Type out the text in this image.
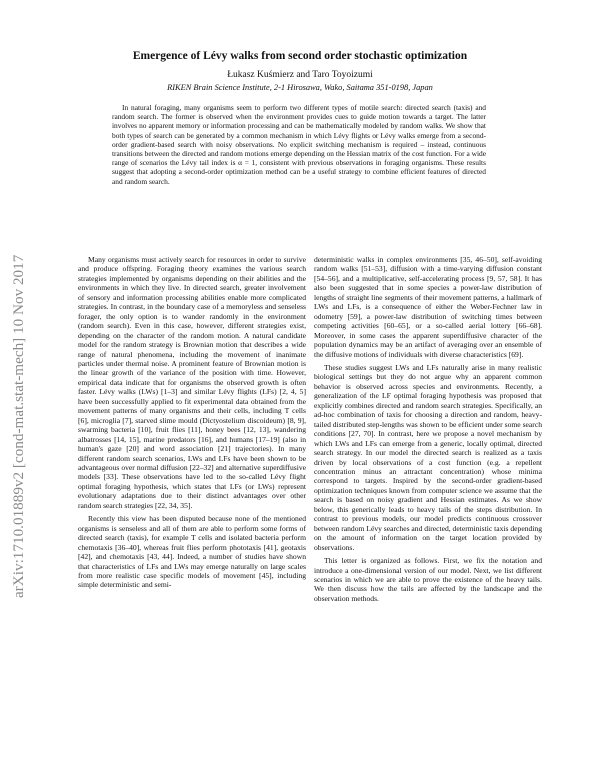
arXiv:1710.01889v2 [cond-mat.stat-mech] 10 Nov 2017
Emergence of Lévy walks from second order stochastic optimization
Łukasz Kuśmierz and Taro Toyoizumi
RIKEN Brain Science Institute, 2-1 Hirosawa, Wako, Saitama 351-0198, Japan

In natural foraging, many organisms seem to perform two different types of motile search: directed search (taxis) and random search. The former is observed when the environment provides cues to guide motion towards a target. The latter involves no apparent memory or information processing and can be mathematically modeled by random walks. We show that both types of search can be generated by a common mechanism in which Lévy flights or Lévy walks emerge from a second-order gradient-based search with noisy observations. No explicit switching mechanism is required – instead, continuous transitions between the directed and random motions emerge depending on the Hessian matrix of the cost function. For a wide range of scenarios the Lévy tail index is α = 1, consistent with previous observations in foraging organisms. These results suggest that adopting a second-order optimization method can be a useful strategy to combine efficient features of directed and random search.

Many organisms must actively search for resources in order to survive and produce offspring. Foraging theory examines the various search strategies implemented by organisms depending on their abilities and the environments in which they live. In directed search, greater involvement of sensory and information processing abilities enable more complicated strategies. In contrast, in the boundary case of a memoryless and senseless forager, the only option is to wander randomly in the environment (random search). Even in this case, however, different strategies exist, depending on the character of the random motion. A natural candidate model for the random strategy is Brownian motion that describes a wide range of natural phenomena, including the movement of inanimate particles under thermal noise. A prominent feature of Brownian motion is the linear growth of the variance of the position with time. However, empirical data indicate that for organisms the observed growth is often faster. Lévy walks (LWs) [1–3] and similar Lévy flights (LFs) [2, 4, 5] have been successfully applied to fit experimental data obtained from the movement patterns of many organisms and their cells, including T cells [6], microglia [7], starved slime mould (Dictyostelium discoideum) [8, 9], swarming bacteria [10], fruit flies [11], honey bees [12, 13], wandering albatrosses [14, 15], marine predators [16], and humans [17–19] (also in human's gaze [20] and word association [21] trajectories). In many different random search scenarios, LWs and LFs have been shown to be advantageous over normal diffusion [22–32] and alternative superdiffusive models [33]. These observations have led to the so-called Lévy flight optimal foraging hypothesis, which states that LFs (or LWs) represent evolutionary adaptations due to their distinct advantages over other random search strategies [22, 34, 35].

Recently this view has been disputed because none of the mentioned organisms is senseless and all of them are able to perform some forms of directed search (taxis), for example T cells and isolated bacteria perform chemotaxis [36–40], whereas fruit flies perform phototaxis [41], geotaxis [42], and chemotaxis [43, 44]. Indeed, a number of studies have shown that characteristics of LFs and LWs may emerge naturally on large scales from more realistic case specific models of movement [45], including simple deterministic and semi-

deterministic walks in complex environments [35, 46–50], self-avoiding random walks [51–53], diffusion with a time-varying diffusion constant [54–56], and a multiplicative, self-accelerating process [9, 57, 58]. It has also been suggested that in some species a power-law distribution of lengths of straight line segments of their movement patterns, a hallmark of LWs and LFs, is a consequence of either the Weber-Fechner law in odometry [59], a power-law distribution of switching times between competing activities [60–65], or a so-called aerial lottery [66–68]. Moreover, in some cases the apparent superdiffusive character of the population dynamics may be an artifact of averaging over an ensemble of the diffusive motions of individuals with diverse characteristics [69].

These studies suggest LWs and LFs naturally arise in many realistic biological settings but they do not argue why an apparent common behavior is observed across species and environments. Recently, a generalization of the LF optimal foraging hypothesis was proposed that explicitly combines directed and random search strategies. Specifically, an ad-hoc combination of taxis for choosing a direction and random, heavy-tailed distributed step-lengths was shown to be efficient under some search conditions [27, 70]. In contrast, here we propose a novel mechanism by which LWs and LFs can emerge from a generic, locally optimal, directed search strategy. In our model the directed search is realized as a taxis driven by local observations of a cost function (e.g. a repellent concentration minus an attractant concentration) whose minima correspond to targets. Inspired by the second-order gradient-based optimization techniques known from computer science we assume that the search is based on noisy gradient and Hessian estimates. As we show below, this generically leads to heavy tails of the steps distribution. In contrast to previous models, our model predicts continuous crossover between random Lévy searches and directed, deterministic taxis depending on the amount of information on the target location provided by observations.

This letter is organized as follows. First, we fix the notation and introduce a one-dimensional version of our model. Next, we list different scenarios in which we are able to prove the existence of the heavy tails. We then discuss how the tails are affected by the landscape and the observation methods.
